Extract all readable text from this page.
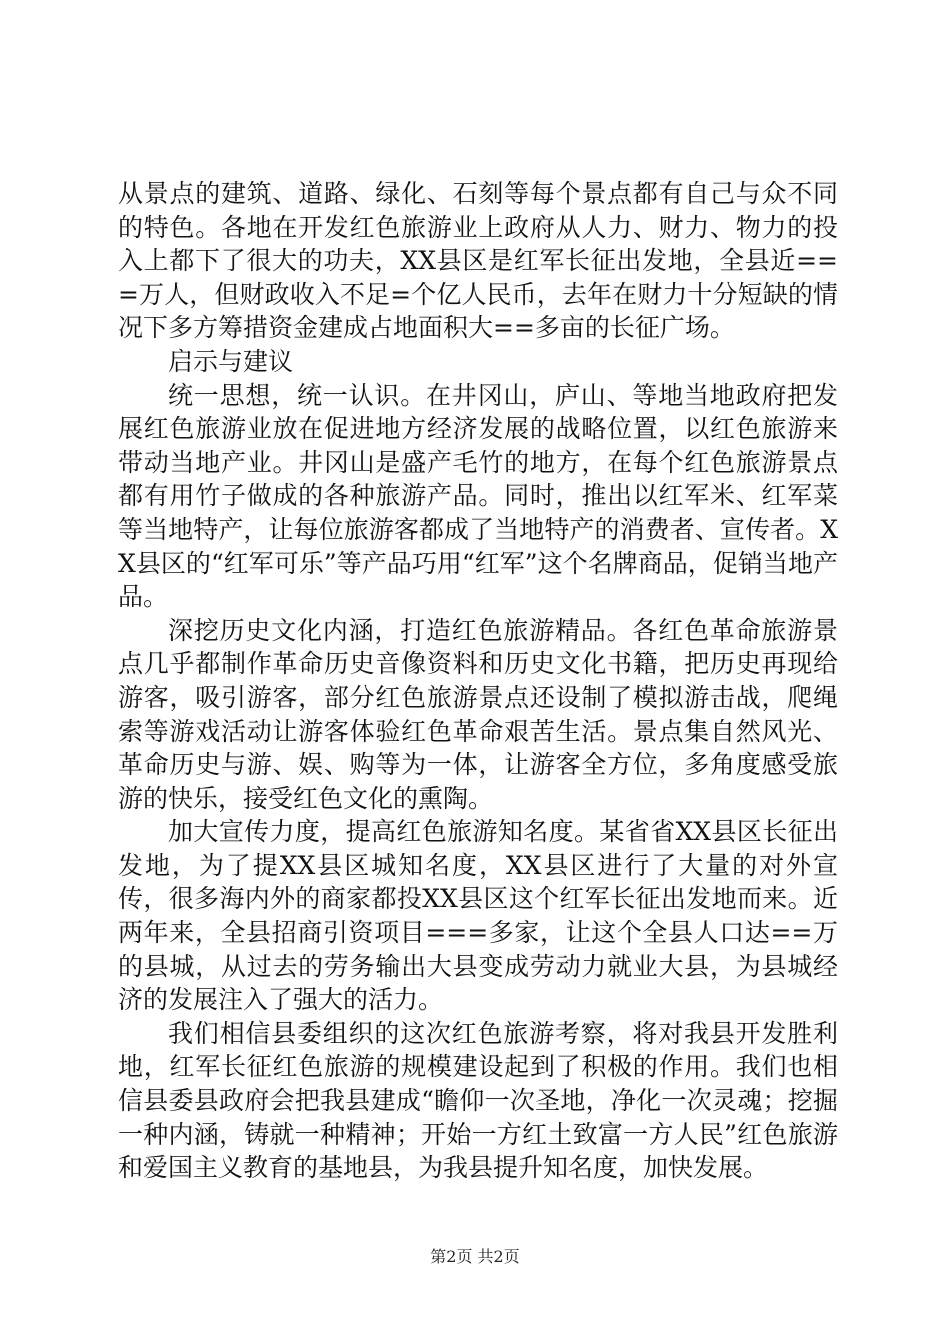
从景点的建筑、道路、绿化、石刻等每个景点都有自己与众不同的特色。各地在开发红色旅游业上政府从人力、财力、物力的投入上都下了很大的功夫，XX县区是红军长征出发地，全县近===万人，但财政收入不足=个亿人民币，去年在财力十分短缺的情况下多方筹措资金建成占地面积大==多亩的长征广场。

启示与建议

统一思想，统一认识。在井冈山，庐山、等地当地政府把发展红色旅游业放在促进地方经济发展的战略位置，以红色旅游来带动当地产业。井冈山是盛产毛竹的地方，在每个红色旅游景点都有用竹子做成的各种旅游产品。同时，推出以红军米、红军菜等当地特产，让每位旅游客都成了当地特产的消费者、宣传者。XX县区的“红军可乐”等产品巧用“红军”这个名牌商品，促销当地产品。

深挖历史文化内涵，打造红色旅游精品。各红色革命旅游景点几乎都制作革命历史音像资料和历史文化书籍，把历史再现给游客，吸引游客，部分红色旅游景点还设制了模拟游击战，爬绳索等游戏活动让游客体验红色革命艰苦生活。景点集自然风光、革命历史与游、娱、购等为一体，让游客全方位，多角度感受旅游的快乐，接受红色文化的熏陶。

加大宣传力度，提高红色旅游知名度。某省省XX县区长征出发地，为了提XX县区城知名度，XX县区进行了大量的对外宣传，很多海内外的商家都投XX县区这个红军长征出发地而来。近两年来，全县招商引资项目===多家，让这个全县人口达==万的县城，从过去的劳务输出大县变成劳动力就业大县，为县城经济的发展注入了强大的活力。

我们相信县委组织的这次红色旅游考察，将对我县开发胜利地，红军长征红色旅游的规模建设起到了积极的作用。我们也相信县委县政府会把我县建成“瞻仰一次圣地，净化一次灵魂；挖掘一种内涵，铸就一种精神；开始一方红土致富一方人民”红色旅游和爱国主义教育的基地县，为我县提升知名度，加快发展。

第2页 共2页
